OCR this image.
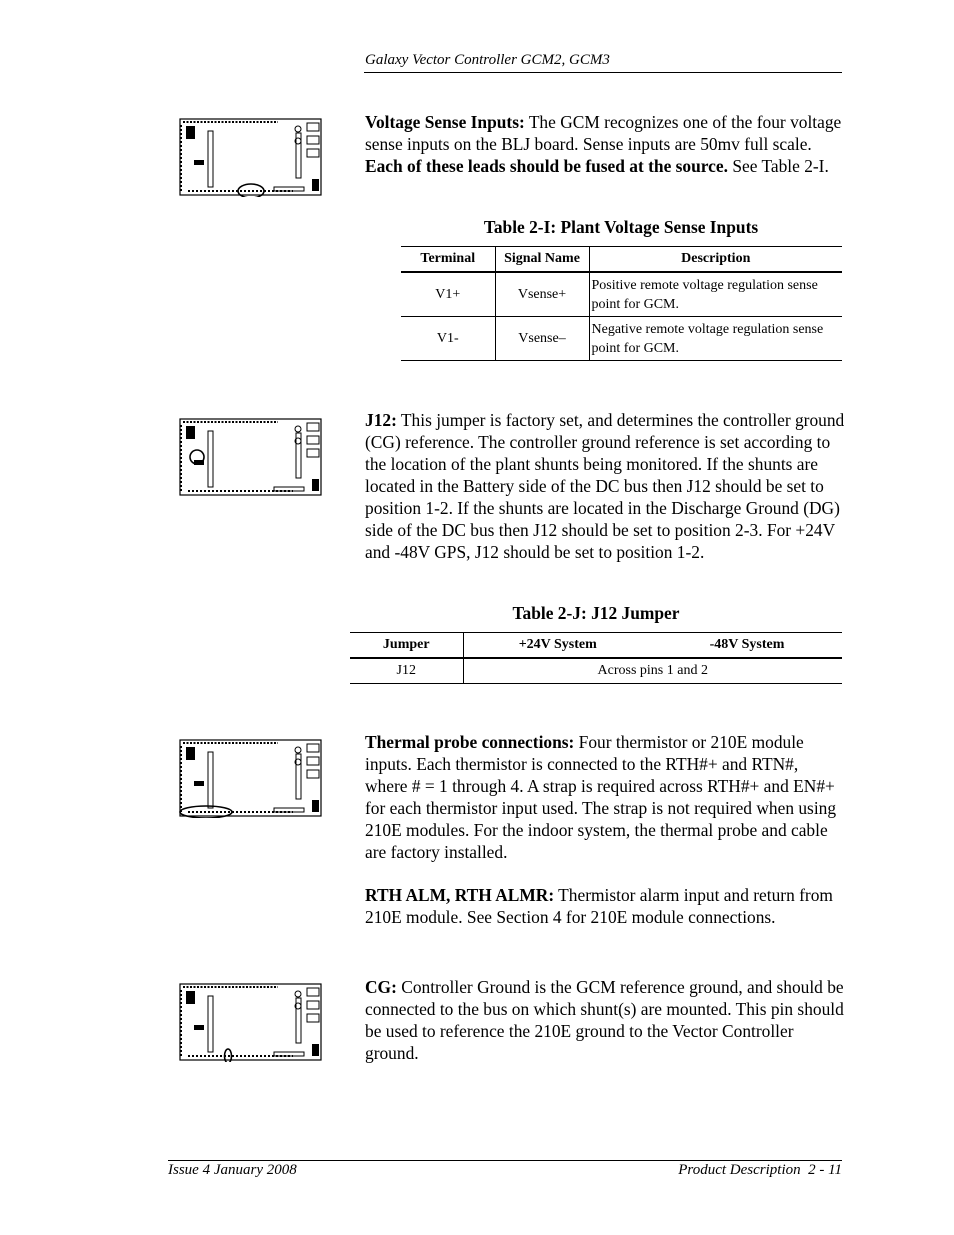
Galaxy Vector Controller GCM2, GCM3
Voltage Sense Inputs: The GCM recognizes one of the four voltage sense inputs on the BLJ board. Sense inputs are 50mv full scale. Each of these leads should be fused at the source. See Table 2-I.
Table 2-I: Plant Voltage Sense Inputs
Terminal	Signal Name	Description
V1+	Vsense+	Positive remote voltage regulation sense point for GCM.
V1-	Vsense–	Negative remote voltage regulation sense point for GCM.
J12: This jumper is factory set, and determines the controller ground (CG) reference. The controller ground reference is set according to the location of the plant shunts being monitored. If the shunts are located in the Battery side of the DC bus then J12 should be set to position 1-2. If the shunts are located in the Discharge Ground (DG) side of the DC bus then J12 should be set to position 2-3. For +24V and -48V GPS, J12 should be set to position 1-2.
Table 2-J: J12 Jumper
Jumper	+24V System	-48V System
J12	Across pins 1 and 2	
Thermal probe connections: Four thermistor or 210E module inputs. Each thermistor is connected to the RTH#+ and RTN#, where # = 1 through 4. A strap is required across RTH#+ and EN#+ for each thermistor input used. The strap is not required when using 210E modules. For the indoor system, the thermal probe and cable are factory installed.
RTH ALM, RTH ALMR: Thermistor alarm input and return from 210E module. See Section 4 for 210E module connections.
CG: Controller Ground is the GCM reference ground, and should be connected to the bus on which shunt(s) are mounted. This pin should be used to reference the 210E ground to the Vector Controller ground.
Issue 4 January 2008	Product Description  2 - 11
